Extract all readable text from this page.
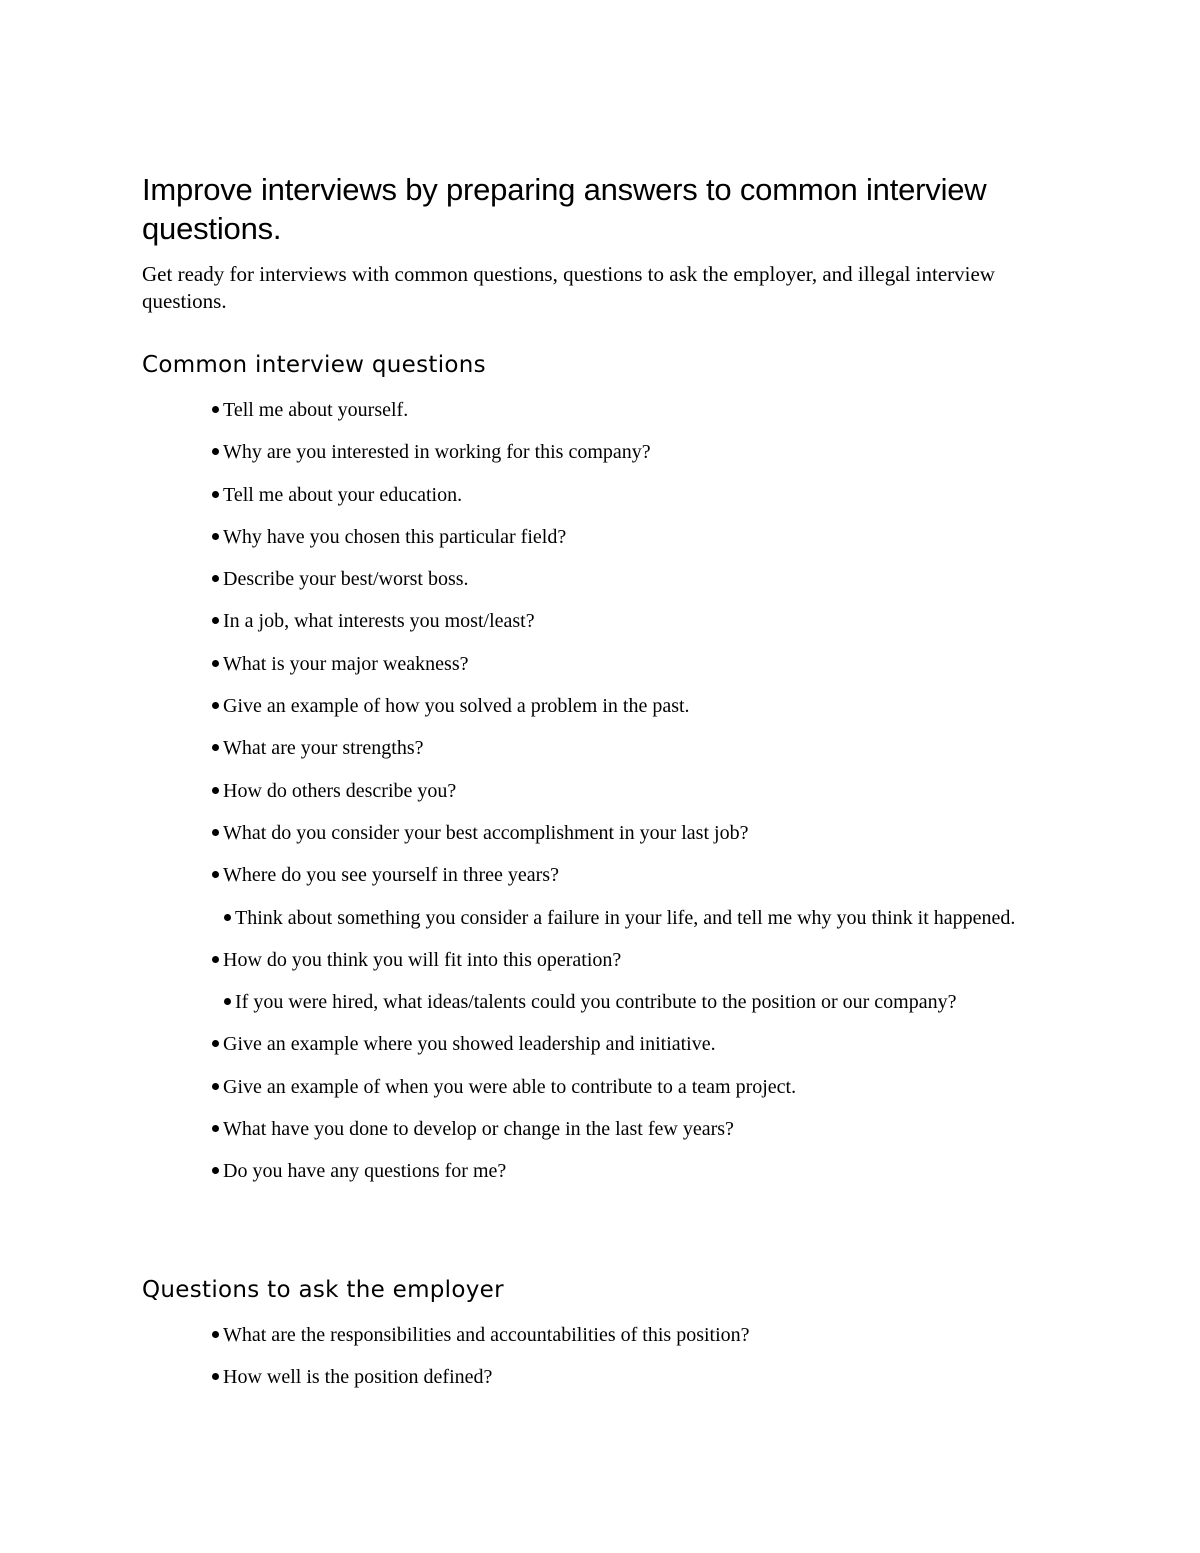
Improve interviews by preparing answers to common interview questions.

Get ready for interviews with common questions, questions to ask the employer, and illegal interview questions.

Common interview questions
Tell me about yourself.
Why are you interested in working for this company?
Tell me about your education.
Why have you chosen this particular field?
Describe your best/worst boss.
In a job, what interests you most/least?
What is your major weakness?
Give an example of how you solved a problem in the past.
What are your strengths?
How do others describe you?
What do you consider your best accomplishment in your last job?
Where do you see yourself in three years?
Think about something you consider a failure in your life, and tell me why you think it happened.
How do you think you will fit into this operation?
If you were hired, what ideas/talents could you contribute to the position or our company?
Give an example where you showed leadership and initiative.
Give an example of when you were able to contribute to a team project.
What have you done to develop or change in the last few years?
Do you have any questions for me?
Questions to ask the employer
What are the responsibilities and accountabilities of this position?
How well is the position defined?
